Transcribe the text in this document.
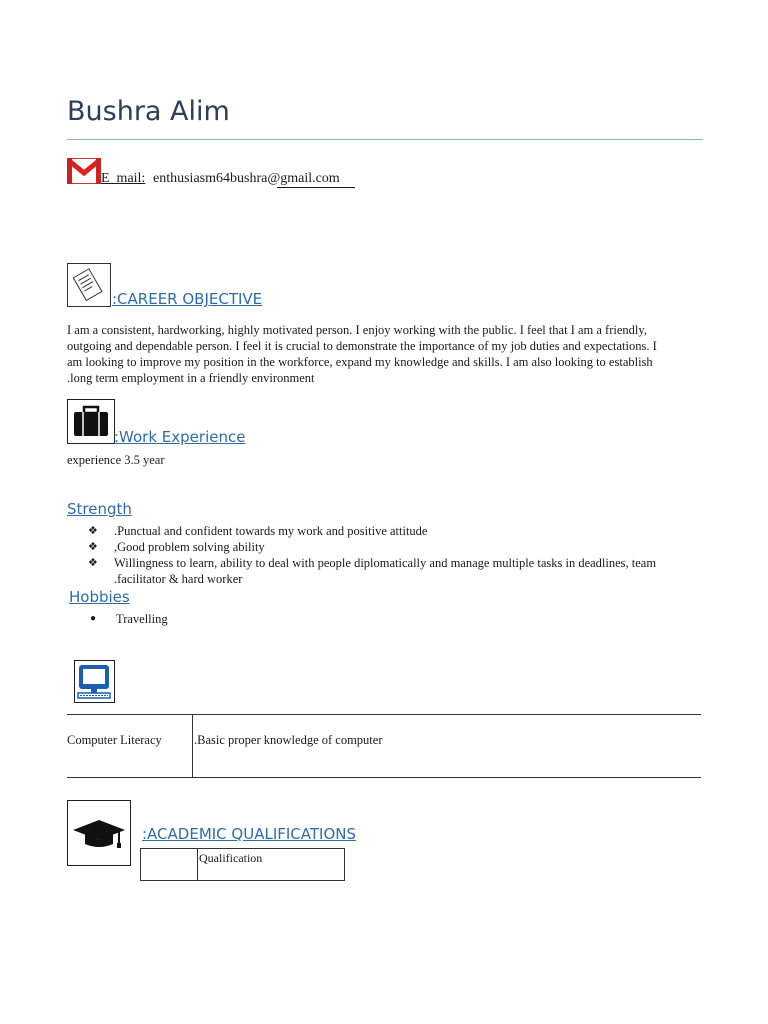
Bushra Alim
E_mail: enthusiasm64bushra@gmail.com
:CAREER OBJECTIVE
I am a consistent, hardworking, highly motivated person. I enjoy working with the public. I feel that I am a friendly,
outgoing and dependable person. I feel it is crucial to demonstrate the importance of my job duties and expectations. I
am looking to improve my position in the workforce, expand my knowledge and skills. I am also looking to establish
.long term employment in a friendly environment
:Work Experience
experience 3.5 year
Strength
❖ .Punctual and confident towards my work and positive attitude
❖ ,Good problem solving ability
❖ Willingness to learn, ability to deal with people diplomatically and manage multiple tasks in deadlines, team
.facilitator & hard worker
Hobbies
● Travelling
Computer Literacy	.Basic proper knowledge of computer
:ACADEMIC QUALIFICATIONS
Qualification
